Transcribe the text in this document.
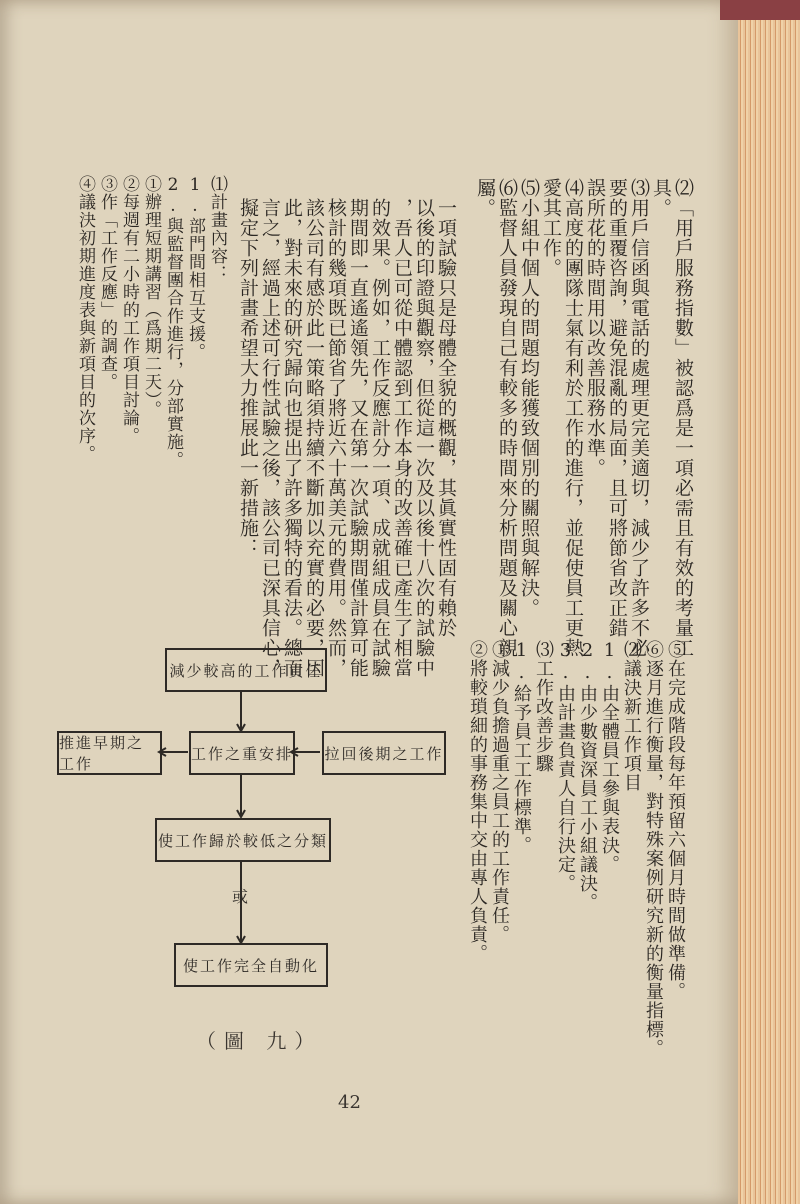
⑵「用戶服務指數」被認爲是一項必需且有效的考量工
具。
⑶用戶信函與電話的處理更完美適切，減少了許多不必
要的重覆咨詢，避免混亂的局面，且可將節省改正錯
誤所花的時間用以改善服務水準。
⑷高度的團隊士氣有利於工作的進行，並促使員工更熱
愛其工作。
⑸小組中個人的問題均能獲致個別的關照與解決。
⑹監督人員發現自己有較多的時間來分析問題及關心親
屬。
一項試驗只是母體全貌的概觀，其眞實性固有賴於
以後的印證與觀察，但從這一次及以後十八次的試驗中
，吾人已可從中體認到工作本身的改善確已產生了相當
的效果。例如，工作反應計分一項、成就組成員在試驗
期間即一直遙遙領先，又在第一次試驗期間僅計算可能
核計的幾項既已節省了將近六十萬美元的費用。然而，
該公司有感於此一策略須持續不斷加以充實的必要，因
此，對未來的研究歸向也提出了許多獨特的看法。總而
言之，經過上述可行性試驗之後，該公司已深具信心，
擬定下列計畫希望大力推展此一新措施：
⑴計畫內容：
1.部門間相互支援。
2.與監督團合作進行，分部實施。
①辦理短期講習（爲期二天）。
②每週有二小時的工作項目討論。
③作「工作反應」的調查。
④議決初期進度表與新項目的次序。
⑤在完成階段每年預留六個月時間做準備。
⑥逐月進行衡量，對特殊案例研究新的衡量指標。
⑵議決新工作項目
1.由全體員工參與表決。
2.由少數資深員工小組議決。
3.由計畫負責人自行決定。
⑶工作改善步驟
1.給予員工工作標準。
①減少負擔過重之員工的工作責任。
②將較瑣細的事務集中交由專人負責。
減少較高的工作責任
工作之重安排
推進早期之工作
拉回後期之工作
使工作歸於較低之分類
或
使工作完全自動化
（圖 九）
42
